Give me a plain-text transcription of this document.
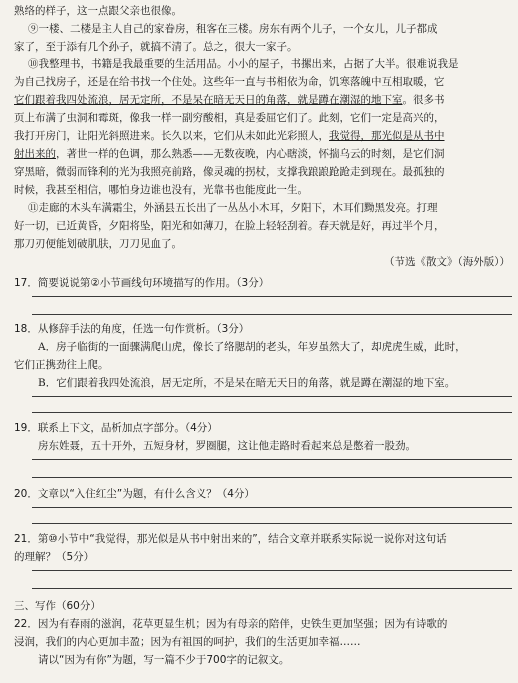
熟络的样子，这一点跟父亲也很像。
⑨一楼、二楼是主人自己的家眷房，租客在三楼。房东有两个儿子，一个女儿，儿子都成
家了，至于添有几个孙子，就搞不清了。总之，很大一家子。
⑩我整理书，书籍是我最重要的生活用品。小小的屋子，书摞出来，占据了大半。很难说我是
为自己找房子，还是在给书找一个住处。这些年一直与书相依为命，饥寒落魄中互相取暖，它
它们跟着我四处流浪，居无定所，不是呆在暗无天日的角落，就是蹲在潮湿的地下室。很多书
页上布满了虫洞和霉斑，像我一样一副穷酸相，真是委屈它们了。此刻，它们一定是高兴的，
我打开房门，让阳光斜照进来。长久以来，它们从未如此光彩照人，我觉得，那光似是从书中
射出来的，著世一样的色调，那么熟悉——无数夜晚，内心瞎淡，怀揣乌云的时刻，是它们洞
穿黑暗，微弱而锋利的光为我照亮前路，像灵魂的拐杖，支撑我踉踉跄跄走到现在。最孤独的
时候，我甚至相信，哪怕身边谁也没有，光靠书也能度此一生。
⑪走廊的木头车满霜尘，外涵县五长出了一丛丛小木耳，夕阳下，木耳们黝黑发亮。打理
好一切，已近黄昏，夕阳将坠，阳光和如薄刀，在脸上轻轻刮着。春天就是好，再过半个月，
那刀刃便能划破肌肤，刀刀见血了。
（节选《散文》（海外版））
17．简要说说第②小节画线句环境描写的作用。（3分）
18．从修辞手法的角度，任选一句作赏析。（3分）
A．房子临街的一面骤满爬山虎，像长了络腮胡的老头，年岁虽然大了，却虎虎生威，此时，
它们正携劲往上爬。
B．它们跟着我四处流浪，居无定所，不是呆在暗无天日的角落，就是蹲在潮湿的地下室。
19．联系上下文，品析加点字部分。（4分）
房东姓聂，五十开外，五短身材，罗圈腿，这让他走路时看起来总是憋着一股劲。
20．文章以“入住红尘”为题，有什么含义？（4分）
21．第⑩小节中“我觉得，那光似是从书中射出来的”，结合文章并联系实际说一说你对这句话
的理解？（5分）
三、写作（60分）
22．因为有春雨的滋润，花草更显生机；因为有母亲的陪伴，史铁生更加坚强；因为有诗歌的
浸润，我们的内心更加丰盈；因为有祖国的呵护，我们的生活更加幸福……
请以“因为有你”为题，写一篇不少于700字的记叙文。
